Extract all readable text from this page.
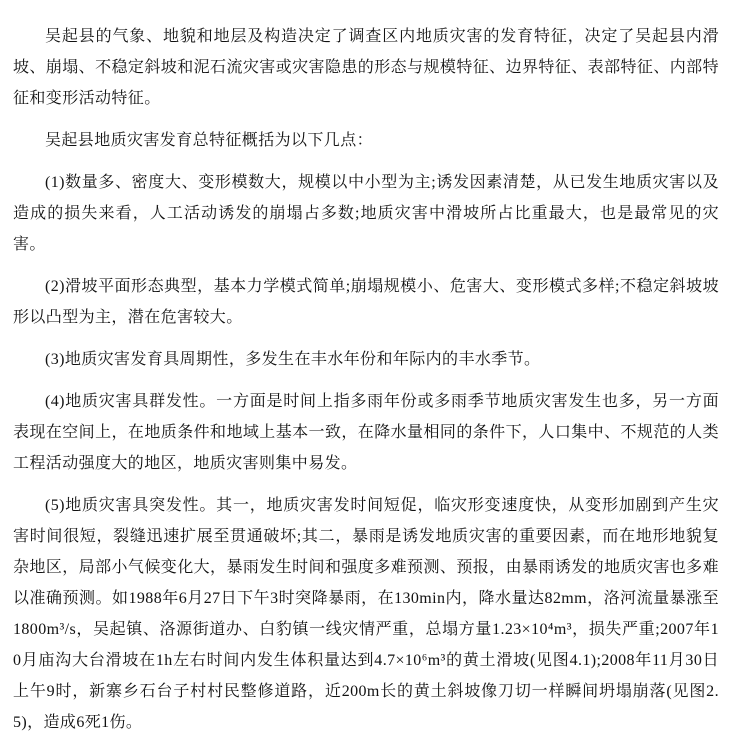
吴起县的气象、地貌和地层及构造决定了调查区内地质灾害的发育特征，决定了吴起县内滑坡、崩塌、不稳定斜坡和泥石流灾害或灾害隐患的形态与规模特征、边界特征、表部特征、内部特征和变形活动特征。

吴起县地质灾害发育总特征概括为以下几点：

(1)数量多、密度大、变形模数大，规模以中小型为主;诱发因素清楚，从已发生地质灾害以及造成的损失来看，人工活动诱发的崩塌占多数;地质灾害中滑坡所占比重最大，也是最常见的灾害。

(2)滑坡平面形态典型，基本力学模式简单;崩塌规模小、危害大、变形模式多样;不稳定斜坡坡形以凸型为主，潜在危害较大。

(3)地质灾害发育具周期性，多发生在丰水年份和年际内的丰水季节。

(4)地质灾害具群发性。一方面是时间上指多雨年份或多雨季节地质灾害发生也多，另一方面表现在空间上，在地质条件和地域上基本一致，在降水量相同的条件下，人口集中、不规范的人类工程活动强度大的地区，地质灾害则集中易发。

(5)地质灾害具突发性。其一，地质灾害发时间短促，临灾形变速度快，从变形加剧到产生灾害时间很短，裂缝迅速扩展至贯通破坏;其二，暴雨是诱发地质灾害的重要因素，而在地形地貌复杂地区，局部小气候变化大，暴雨发生时间和强度多难预测、预报，由暴雨诱发的地质灾害也多难以准确预测。如1988年6月27日下午3时突降暴雨，在130min内，降水量达82mm，洛河流量暴涨至1800m³/s，吴起镇、洛源街道办、白豹镇一线灾情严重，总塌方量1.23×10⁴m³，损失严重;2007年10月庙沟大台滑坡在1h左右时间内发生体积量达到4.7×10⁶m³的黄土滑坡(见图4.1);2008年11月30日上午9时，新寨乡石台子村村民整修道路，近200m长的黄土斜坡像刀切一样瞬间坍塌崩落(见图2.5)，造成6死1伤。
